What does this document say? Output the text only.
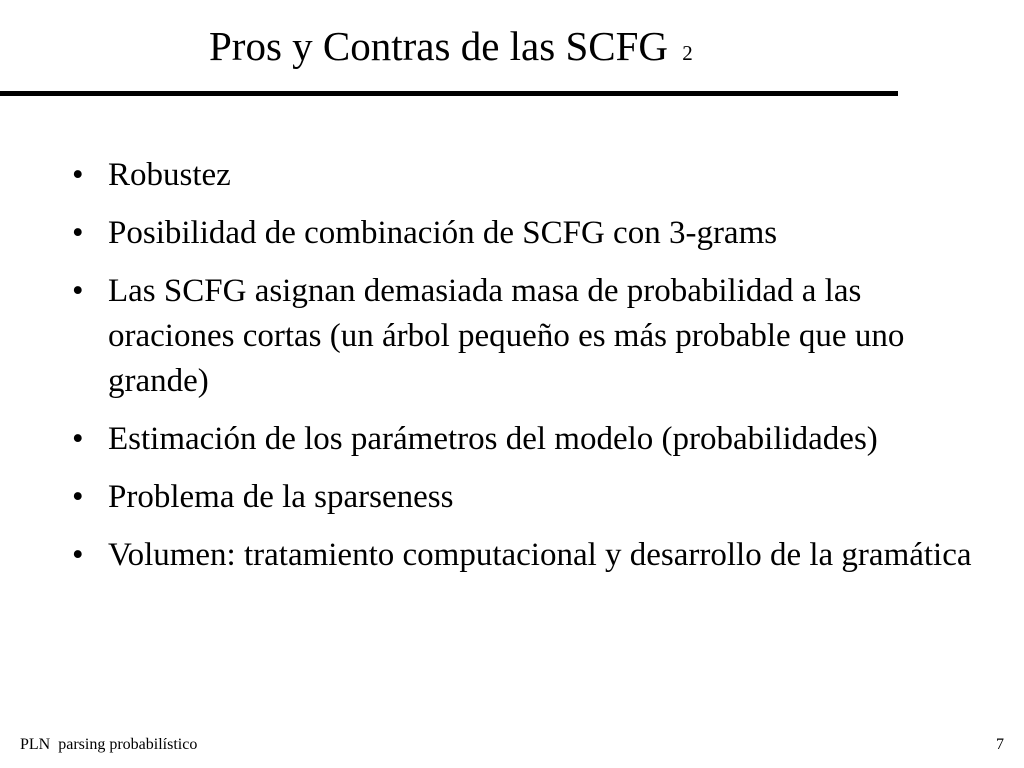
Pros y Contras de las SCFG 2
• Robustez
• Posibilidad de combinación de SCFG con 3-grams
• Las SCFG asignan demasiada masa de probabilidad a las oraciones cortas (un árbol pequeño es más probable que uno grande)
• Estimación de los parámetros del modelo (probabilidades)
• Problema de la sparseness
• Volumen: tratamiento computacional y desarrollo de la gramática
PLN  parsing probabilístico	7
